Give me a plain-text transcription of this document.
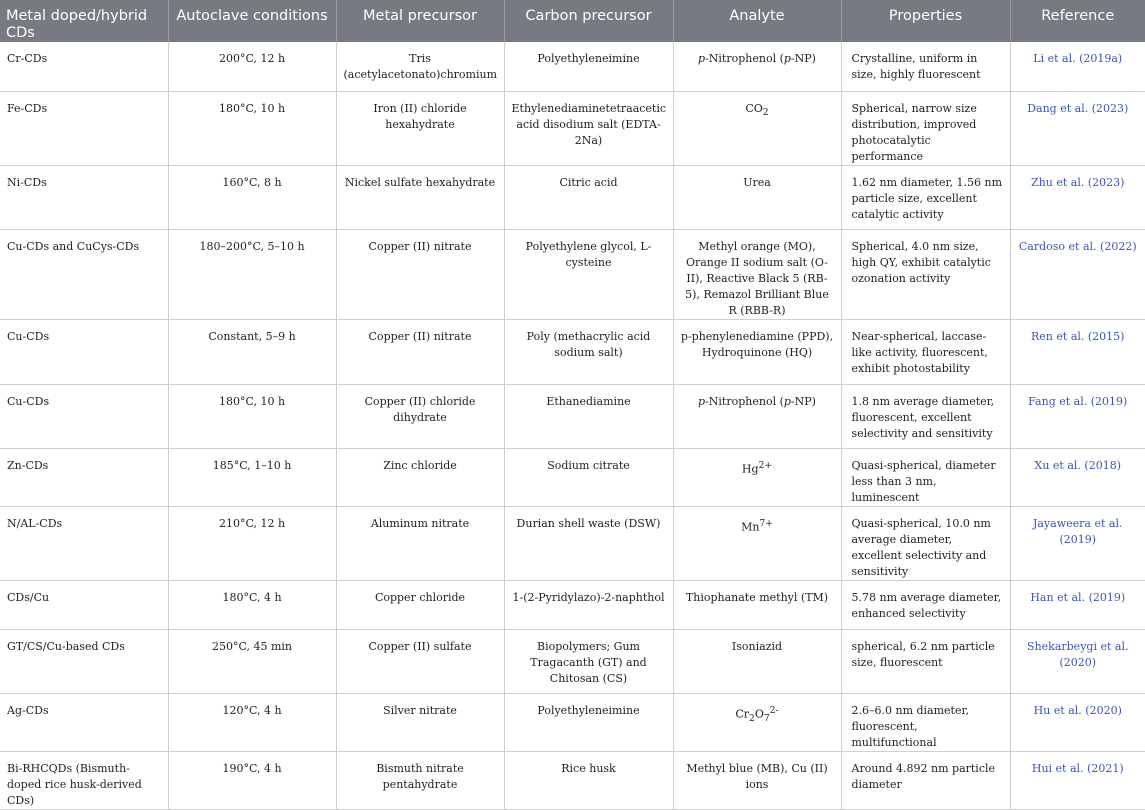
Metal doped/hybrid CDs	Autoclave conditions	Metal precursor	Carbon precursor	Analyte	Properties	Reference
Cr-CDs	200°C, 12 h	Tris (acetylacetonato)chromium	Polyethyleneimine	p-Nitrophenol (p-NP)	Crystalline, uniform in size, highly fluorescent	Li et al. (2019a)
Fe-CDs	180°C, 10 h	Iron (II) chloride hexahydrate	Ethylenediaminetetraacetic acid disodium salt (EDTA-2Na)	$CO_2$	Spherical, narrow size distribution, improved photocatalytic performance	Dang et al. (2023)
Ni-CDs	160°C, 8 h	Nickel sulfate hexahydrate	Citric acid	Urea	1.62 nm diameter, 1.56 nm particle size, excellent catalytic activity	Zhu et al. (2023)
Cu-CDs and CuCys-CDs	180–200°C, 5–10 h	Copper (II) nitrate	Polyethylene glycol, L-cysteine	Methyl orange (MO), Orange II sodium salt (O-II), Reactive Black 5 (RB-5), Remazol Brilliant Blue R (RBB-R)	Spherical, 4.0 nm size, high QY, exhibit catalytic ozonation activity	Cardoso et al. (2022)
Cu-CDs	Constant, 5–9 h	Copper (II) nitrate	Poly (methacrylic acid sodium salt)	p-phenylenediamine (PPD), Hydroquinone (HQ)	Near-spherical, laccase-like activity, fluorescent, exhibit photostability	Ren et al. (2015)
Cu-CDs	180°C, 10 h	Copper (II) chloride dihydrate	Ethanediamine	p-Nitrophenol (p-NP)	1.8 nm average diameter, fluorescent, excellent selectivity and sensitivity	Fang et al. (2019)
Zn-CDs	185°C, 1–10 h	Zinc chloride	Sodium citrate	$Hg^{2+}$	Quasi-spherical, diameter less than 3 nm, luminescent	Xu et al. (2018)
N/AL-CDs	210°C, 12 h	Aluminum nitrate	Durian shell waste (DSW)	$Mn^{7+}$	Quasi-spherical, 10.0 nm average diameter, excellent selectivity and sensitivity	Jayaweera et al. (2019)
CDs/Cu	180°C, 4 h	Copper chloride	1-(2-Pyridylazo)-2-naphthol	Thiophanate methyl (TM)	5.78 nm average diameter, enhanced selectivity	Han et al. (2019)
GT/CS/Cu-based CDs	250°C, 45 min	Copper (II) sulfate	Biopolymers; Gum Tragacanth (GT) and Chitosan (CS)	Isoniazid	spherical, 6.2 nm particle size, fluorescent	Shekarbeygi et al. (2020)
Ag-CDs	120°C, 4 h	Silver nitrate	Polyethyleneimine	$Cr_2O_7^{2-}$	2.6–6.0 nm diameter, fluorescent, multifunctional	Hu et al. (2020)
Bi-RHCQDs (Bismuth-doped rice husk-derived CDs)	190°C, 4 h	Bismuth nitrate pentahydrate	Rice husk	Methyl blue (MB), Cu (II) ions	Around 4.892 nm particle diameter	Hui et al. (2021)
